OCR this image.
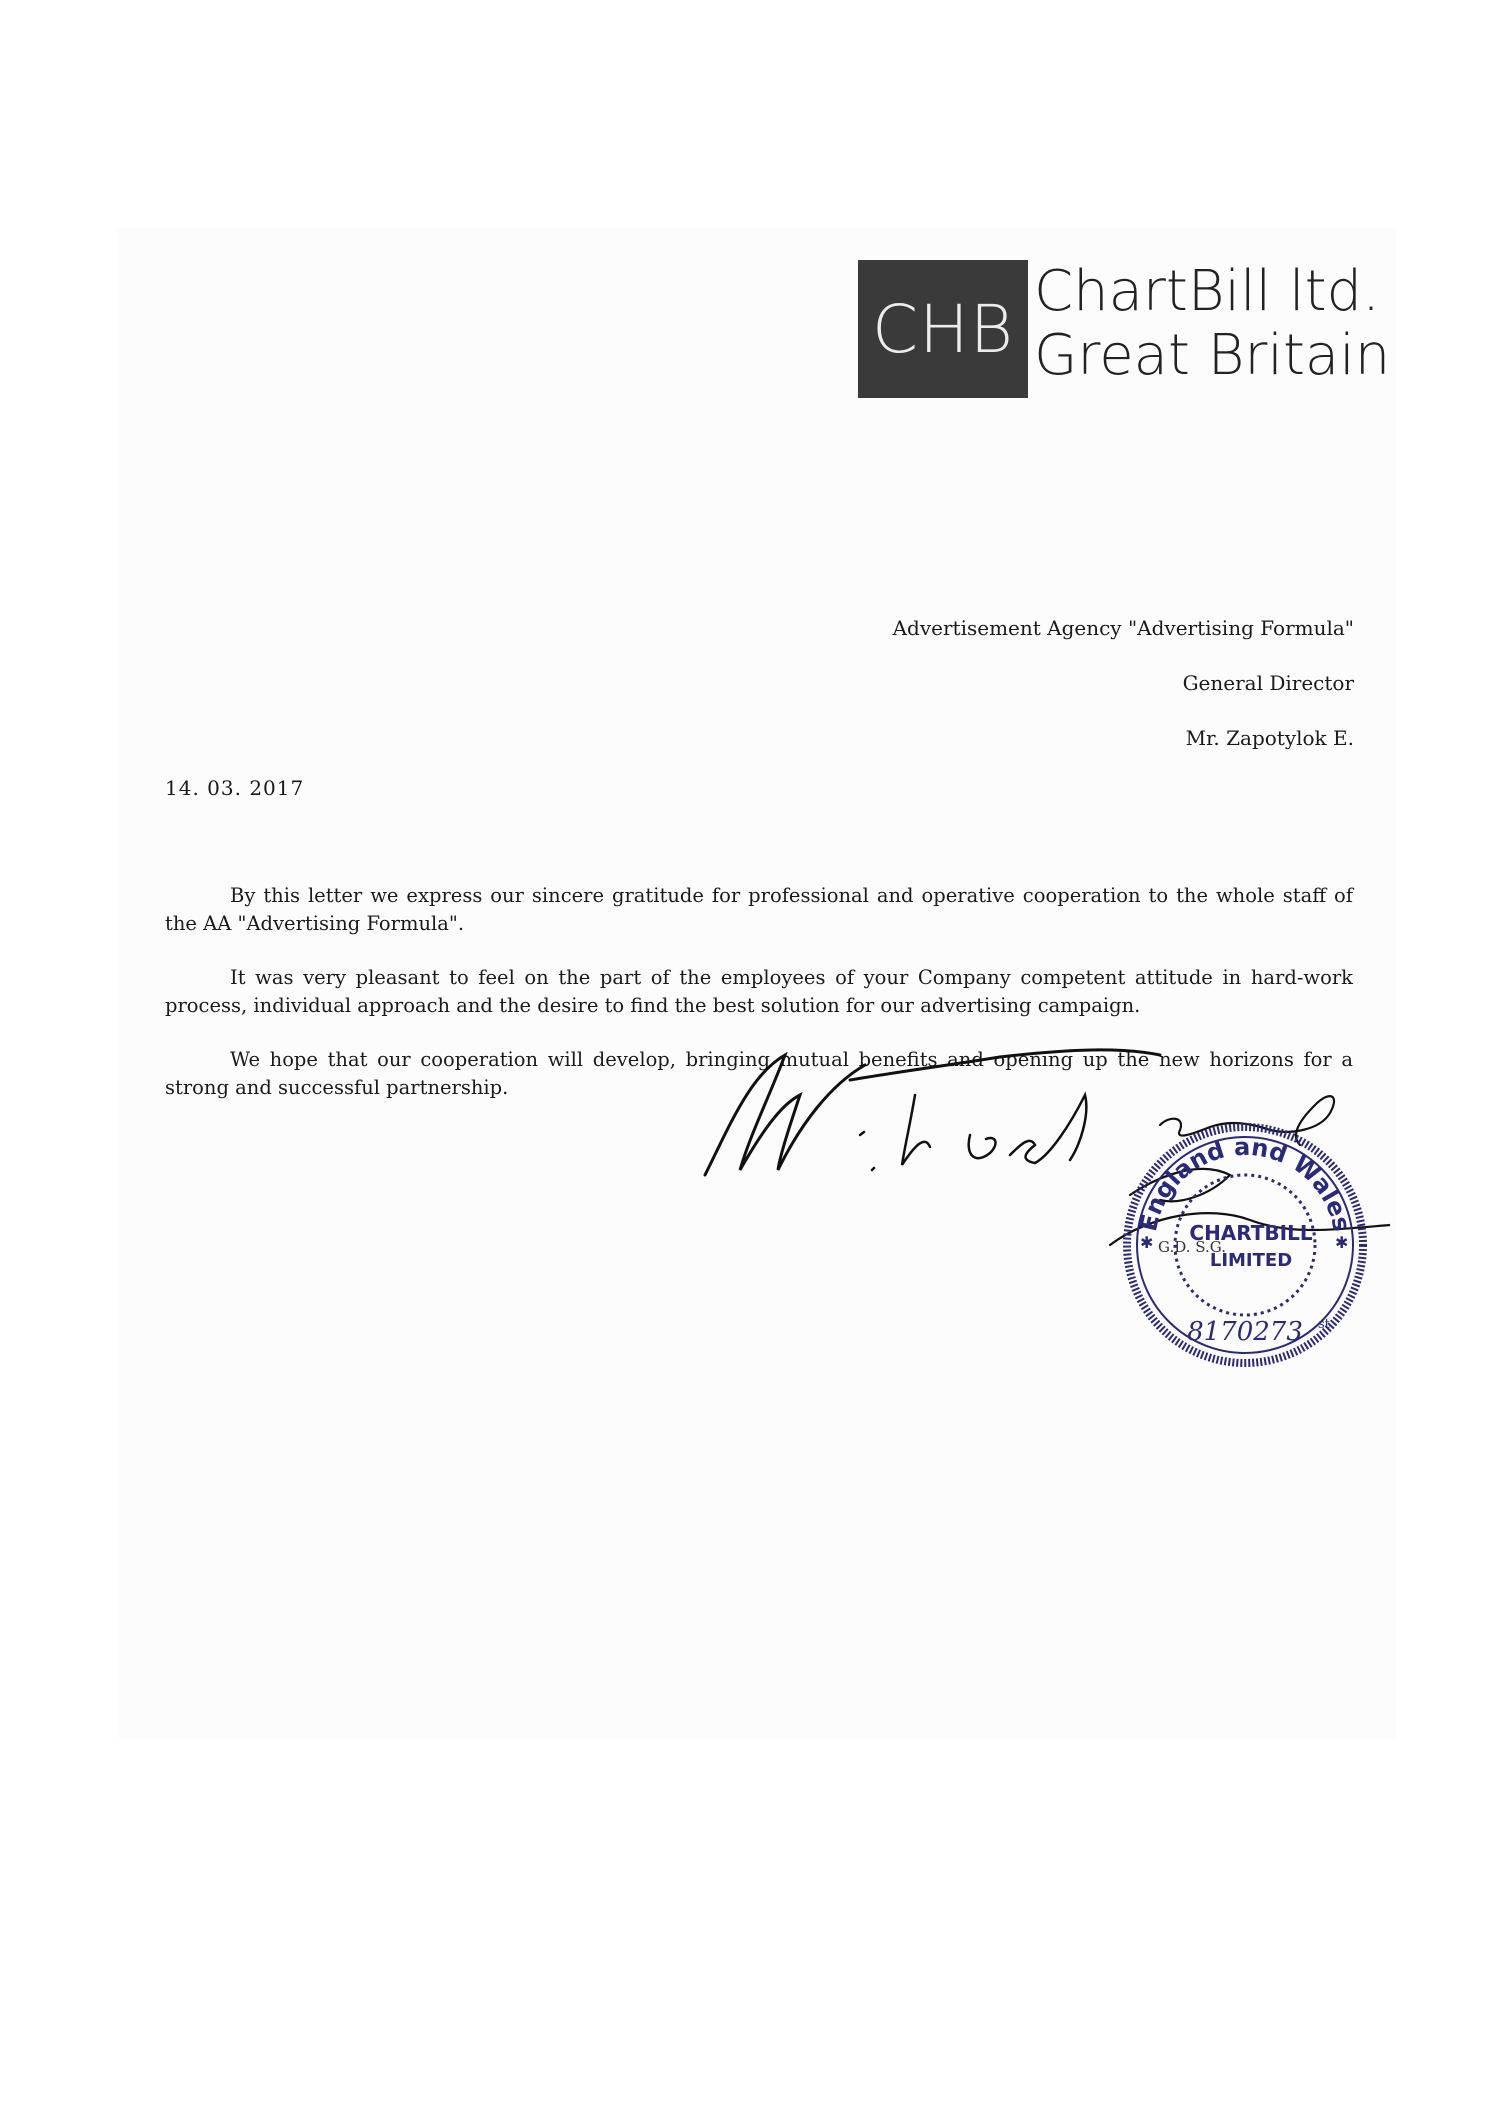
CHB ChartBill ltd.
Great Britain
Advertisement Agency "Advertising Formula"
General Director
Mr. Zapotylok E.
14. 03. 2017

By this letter we express our sincere gratitude for professional and operative cooperation to the whole staff of the AA "Advertising Formula".

It was very pleasant to feel on the part of the employees of your Company competent attitude in hard-work process, individual approach and the desire to find the best solution for our advertising campaign.

We hope that our cooperation will develop, bringing mutual benefits and opening up the new horizons for a strong and successful partnership.

England and Wales
CHARTBILL
LIMITED
8170273 st
G.D. S.G.
✱	✱
